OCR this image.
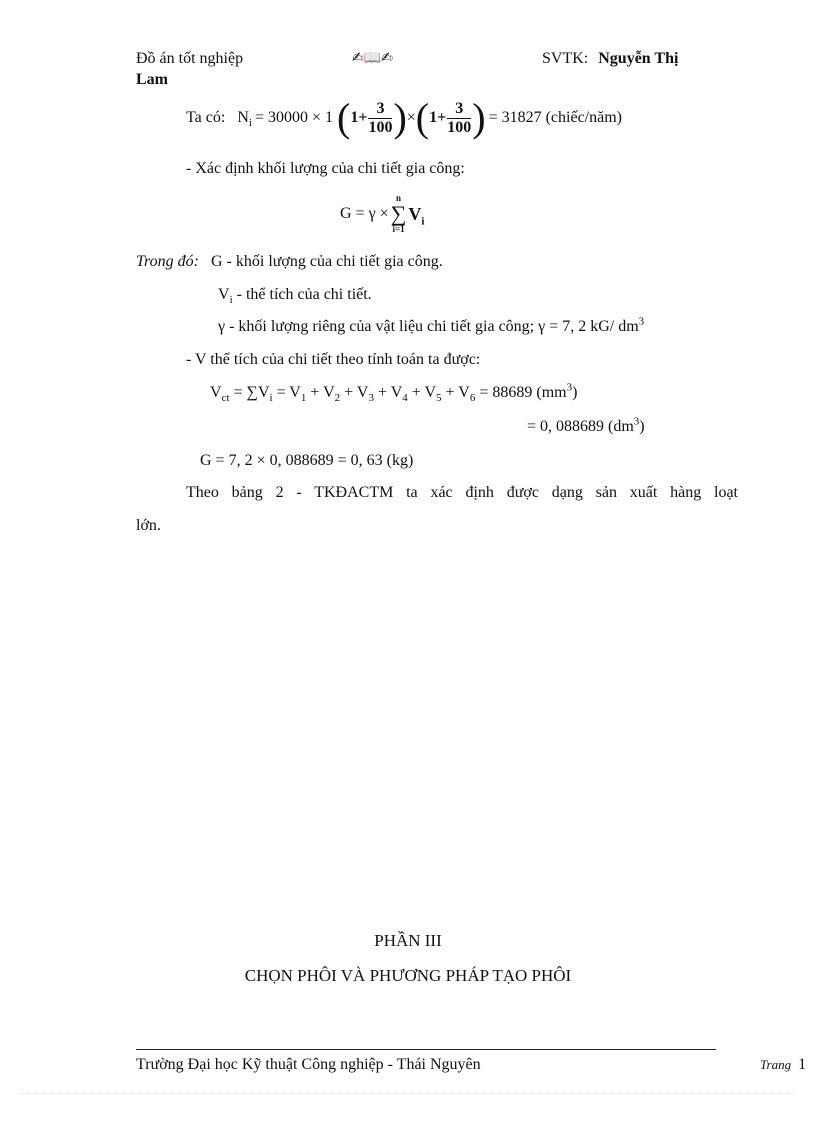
Đồ án tốt nghiệp	✍📖✍	SVTK: Nguyễn Thị
Lam
Ta có: $N_i = 30000 \times 1$ ( $1+ \frac{3}{100}$ ) × ( $1+ \frac{3}{100}$ ) = 31827 (chiếc/năm)
- Xác định khối lượng của chi tiết gia công:
G = γ ×
n
∑
i=1
$V_i$
Trong đó: G - khối lượng của chi tiết gia công.
$V_i$ - thể tích của chi tiết.
γ - khối lượng riêng của vật liệu chi tiết gia công; γ = 7, 2 kG/ $dm^3$
- V thể tích của chi tiết theo tính toán ta được:
$V_{ct} = \sum V_i = V_1 + V_2 + V_3 + V_4 + V_5 + V_6 = 88689$ $(mm^3)$
= 0, 088689 $(dm^3)$
G = 7, 2 × 0, 088689 = 0, 63 (kg)
Theo bảng 2 - TKĐACTM ta xác định được dạng sản xuất hàng loạt
lớn.
PHẦN III
CHỌN PHÔI VÀ PHƯƠNG PHÁP TẠO PHÔI
Trường Đại học Kỹ thuật Công nghiệp - Thái Nguyên	Trang 1
